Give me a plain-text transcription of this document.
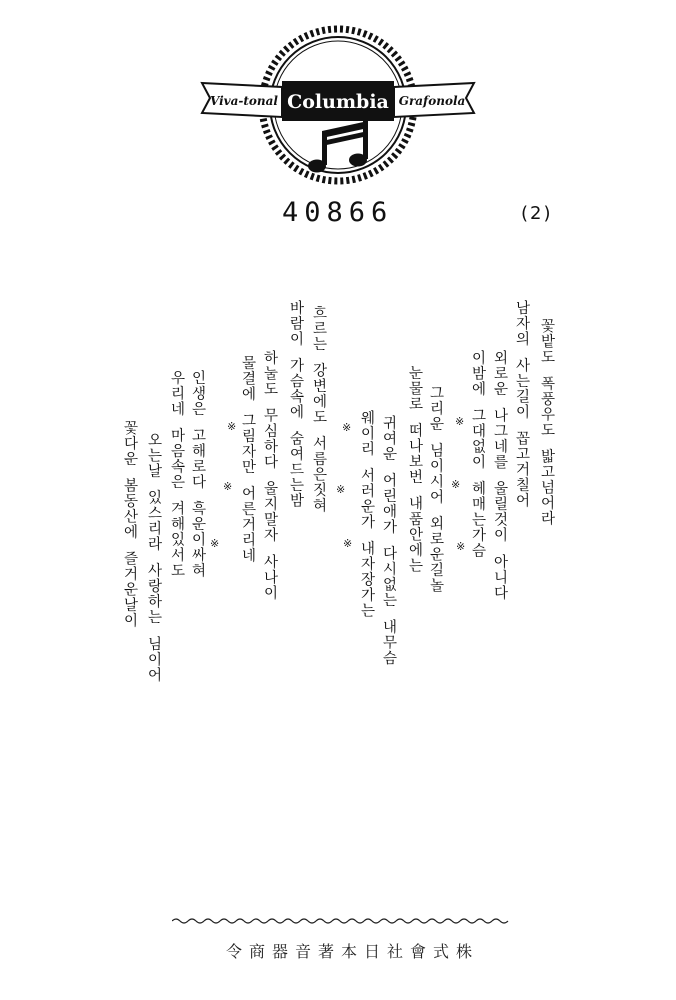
Columbia
Viva-tonal	Grafonola
40866	(2)
꽃밭도  폭풍우도  밟고넘어라
남자의  사는길이  꼽고거칠어
외로운  나그네를  울릴것이  아니다
이밤에  그대없이  헤매는가슴
※
※
※
그리운  님이시어  외로운길놀
눈물로  떠나보번  내품안에는
귀여운  어린애가  다시없는  내무슴
웨이리  서러운가  내자장가는
※
※
※
흐르는  강변에도  서름은짓혀
바람이  가슴속에  숨여드는밤
하눌도  무심하다  울지말자  사나이
물결에  그림자만  어른거리네
※
※
※
인생은  고해로다  흑운이싸혀
우리네  마음속은  겨해있서도
오는날  있스리라  사랑하는  님이어
꽃다운  봄동산에  즐거운날이
令商器音著本日社會式株
